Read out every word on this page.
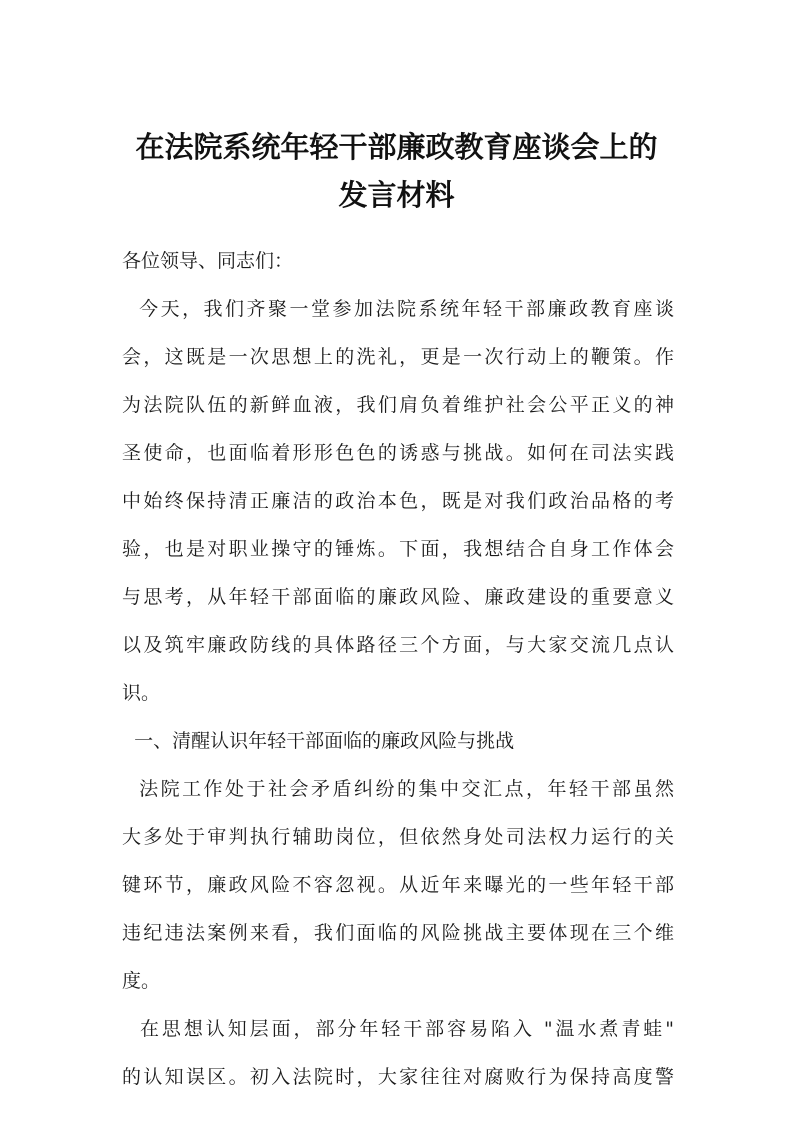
在法院系统年轻干部廉政教育座谈会上的
发言材料
各位领导、同志们：
今天，我们齐聚一堂参加法院系统年轻干部廉政教育座谈
会，这既是一次思想上的洗礼，更是一次行动上的鞭策。作
为法院队伍的新鲜血液，我们肩负着维护社会公平正义的神
圣使命，也面临着形形色色的诱惑与挑战。如何在司法实践
中始终保持清正廉洁的政治本色，既是对我们政治品格的考
验，也是对职业操守的锤炼。下面，我想结合自身工作体会
与思考，从年轻干部面临的廉政风险、廉政建设的重要意义
以及筑牢廉政防线的具体路径三个方面，与大家交流几点认
识。
一、清醒认识年轻干部面临的廉政风险与挑战
法院工作处于社会矛盾纠纷的集中交汇点，年轻干部虽然
大多处于审判执行辅助岗位，但依然身处司法权力运行的关
键环节，廉政风险不容忽视。从近年来曝光的一些年轻干部
违纪违法案例来看，我们面临的风险挑战主要体现在三个维
度。
在思想认知层面，部分年轻干部容易陷入 "温水煮青蛙"
的认知误区。初入法院时，大家往往对腐败行为保持高度警
